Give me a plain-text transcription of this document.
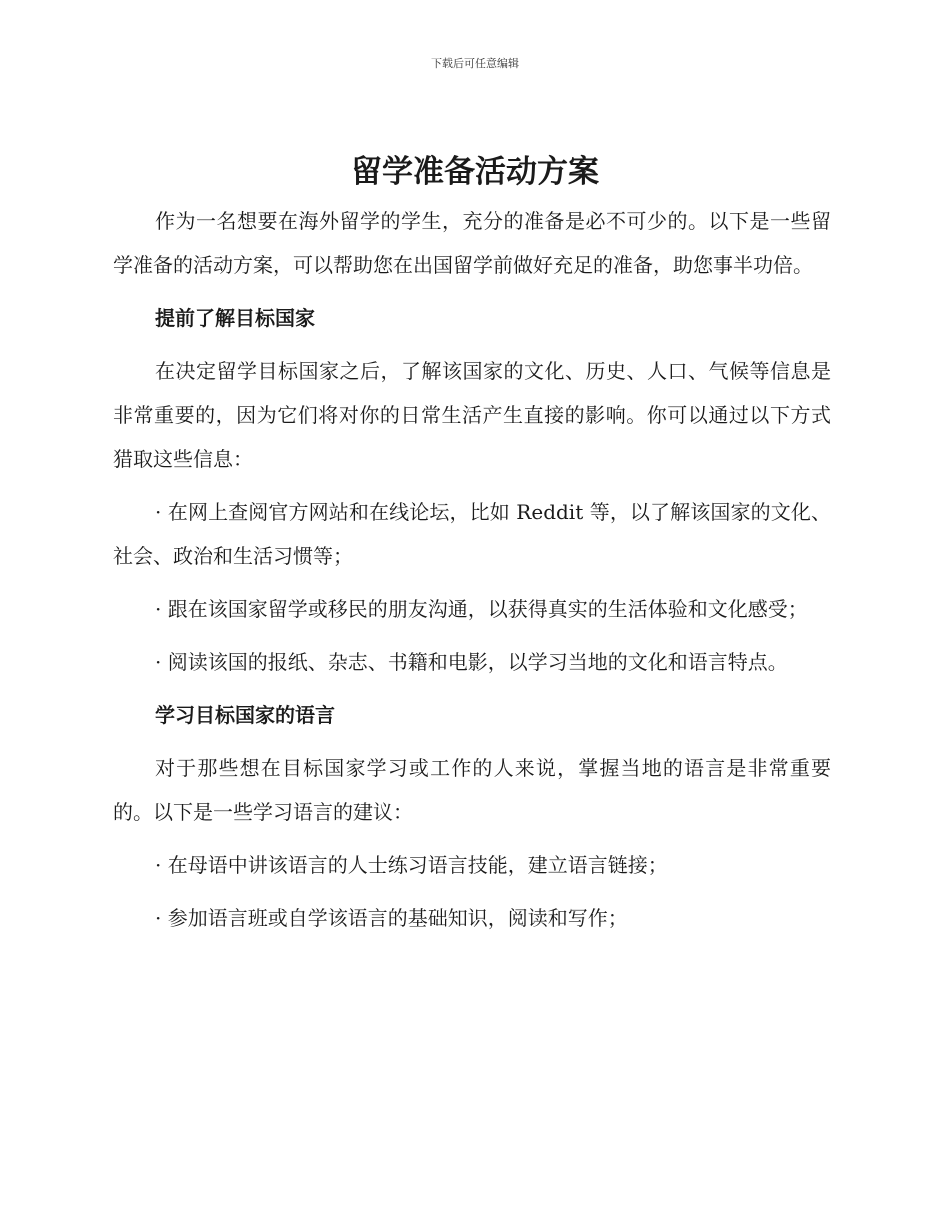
下载后可任意编辑
留学准备活动方案

作为一名想要在海外留学的学生，充分的准备是必不可少的。以下是一些留学准备的活动方案，可以帮助您在出国留学前做好充足的准备，助您事半功倍。

提前了解目标国家

在决定留学目标国家之后，了解该国家的文化、历史、人口、气候等信息是非常重要的，因为它们将对你的日常生活产生直接的影响。你可以通过以下方式猎取这些信息：

· 在网上查阅官方网站和在线论坛，比如 Reddit 等，以了解该国家的文化、社会、政治和生活习惯等；

· 跟在该国家留学或移民的朋友沟通，以获得真实的生活体验和文化感受；

· 阅读该国的报纸、杂志、书籍和电影，以学习当地的文化和语言特点。

学习目标国家的语言

对于那些想在目标国家学习或工作的人来说，掌握当地的语言是非常重要的。以下是一些学习语言的建议：

· 在母语中讲该语言的人士练习语言技能，建立语言链接；

· 参加语言班或自学该语言的基础知识，阅读和写作；
